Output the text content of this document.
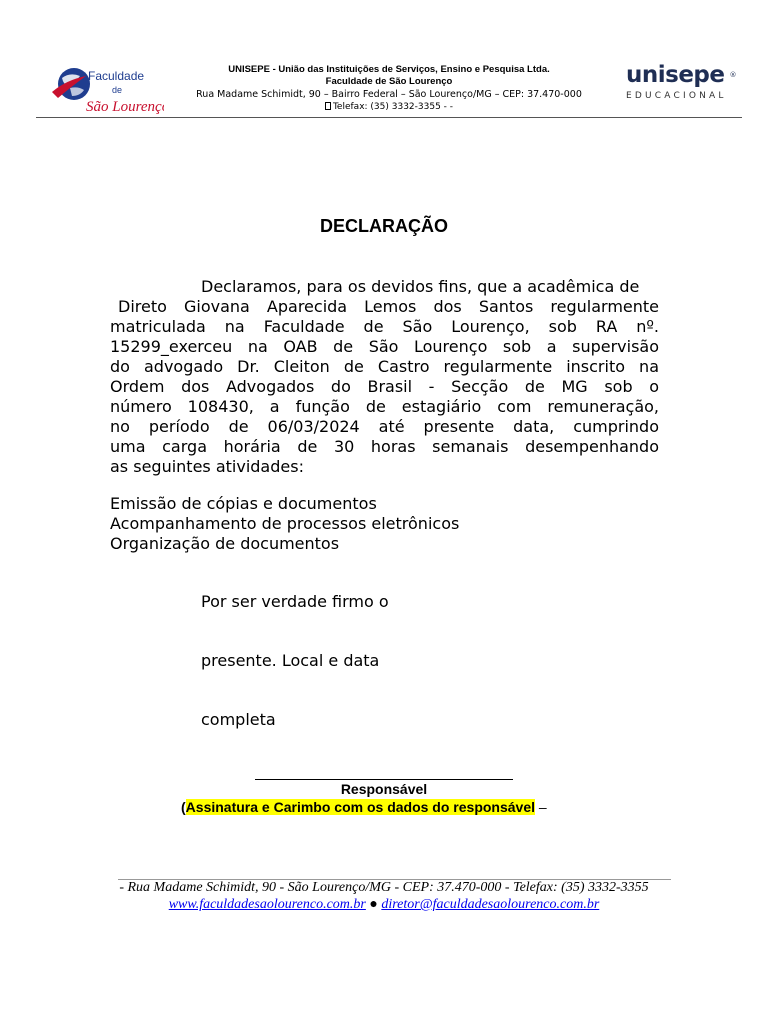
Faculdade
de
São Lourenço
UNISEPE - União das Instituições de Serviços, Ensino e Pesquisa Ltda.
Faculdade de São Lourenço
Rua Madame Schimidt, 90 – Bairro Federal – São Lourenço/MG – CEP: 37.470-000
Telefax: (35) 3332-3355 - -
unisepe ®
EDUCACIONAL
DECLARAÇÃO
Declaramos, para os devidos fins, que a acadêmica de
Direto Giovana Aparecida Lemos dos Santos regularmente
matriculada na Faculdade de São Lourenço, sob RA nº.
15299_exerceu na OAB de São Lourenço sob a supervisão
do advogado Dr. Cleiton de Castro regularmente inscrito na
Ordem dos Advogados do Brasil - Secção de MG sob o
número 108430, a função de estagiário com remuneração,
no período de 06/03/2024 até presente data, cumprindo
uma carga horária de 30 horas semanais desempenhando
as seguintes atividades:
Emissão de cópias e documentos
Acompanhamento de processos eletrônicos
Organização de documentos
Por ser verdade firmo o
presente. Local e data
completa
Responsável
(Assinatura e Carimbo com os dados do responsável –
- Rua Madame Schimidt, 90 - São Lourenço/MG - CEP: 37.470-000 - Telefax: (35) 3332-3355
www.faculdadesaolourenco.com.br ● diretor@faculdadesaolourenco.com.br
